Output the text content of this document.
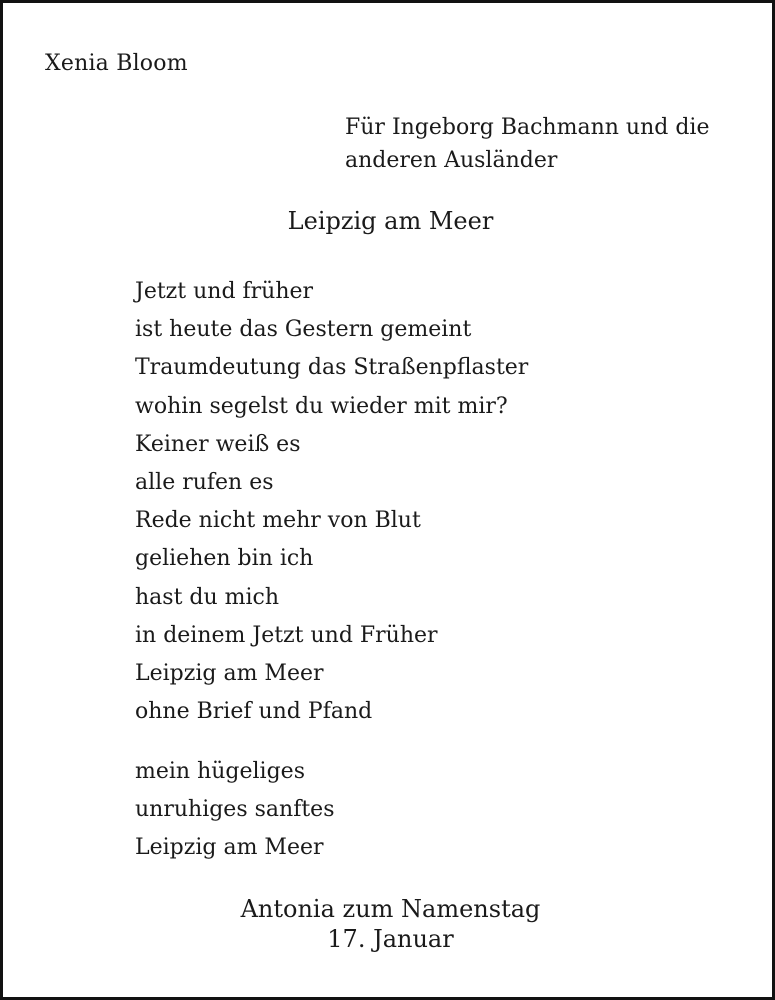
Xenia Bloom
Für Ingeborg Bachmann und die
anderen Ausländer
Leipzig am Meer
Jetzt und früher
ist heute das Gestern gemeint
Traumdeutung das Straßenpflaster
wohin segelst du wieder mit mir?
Keiner weiß es
alle rufen es
Rede nicht mehr von Blut
geliehen bin ich
hast du mich
in deinem Jetzt und Früher
Leipzig am Meer
ohne Brief und Pfand
mein hügeliges
unruhiges sanftes
Leipzig am Meer
Antonia zum Namenstag
17. Januar
